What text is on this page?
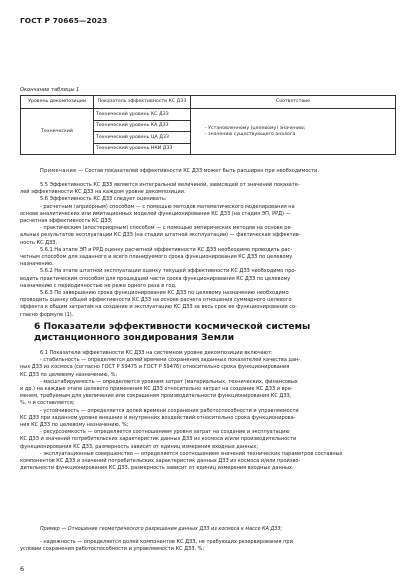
ГОСТ Р 70665—2023
Окончание таблицы 1
Уровень декомпозиции	Показатель эффективности КС ДЗЗ	Соответствие
Технический	Технический уровень КС ДЗЗ	- Установленному (целевому) значению;
- значению существующего аналога

	Технический уровень КА ДЗЗ	
	Технический уровень ЦА ДЗЗ	
	Технический уровень НКИ ДЗЗ	
Примечание — Состав показателей эффективности КС ДЗЗ может быть расширен при необходимости.
5.5 Эффективность КС ДЗЗ является интегральной величиной, зависящей от значений показате-
лей эффективности КС ДЗЗ на каждом уровне декомпозиции.
5.6 Эффективность КС ДЗЗ следует оценивать:
- расчетным (априорным) способом — с помощью методов математического моделирования на
основе аналитических или имитационных моделей функционирования КС ДЗЗ (на стадия ЭП, РРД) —
расчетная эффективность КС ДЗЗ;
- практическим (апостериорным) способом — с помощью эмпирических методов на основе ре-
альных результатов эксплуатации КС ДЗЗ (на стадии штатной эксплуатации) — фактическая эффектив-
ность КС ДЗЗ.
5.6.1 На этапе ЭП и РРД оценку расчетной эффективности КС ДЗЗ необходимо проводить рас-
четным способом для заданного и всего планируемого срока функционирования КС ДЗЗ по целевому
назначению.
5.6.2 На этапе штатной эксплуатации оценку текущей эффективности КС ДЗЗ необходимо про-
водить практическим способом для прошедшей части срока функционирования КС ДЗЗ по целевому
назначению с периодичностью не реже одного раза в год.
5.6.3 По завершению срока функционирования КС ДЗЗ по целевому назначению необходимо
проводить оценку общей эффективности КС ДЗЗ на основе расчета отношения суммарного целевого
эффекта к общим затратам на создание и эксплуатацию КС ДЗЗ за весь срок ее функционирования со-
гласно формуле (1).
6 Показатели эффективности космической системы
дистанционного зондирования Земли
6.1 Показатели эффективности КС ДЗЗ на системном уровне декомпозиции включают:
- стабильность — определяется долей времени сохранения заданных показателей качества дан-
ных ДЗЗ из космоса (согласно ГОСТ Р 59475 и ГОСТ Р 59476) относительно срока функционирования
КС ДЗЗ по целевому назначению, %;
- масштабируемость — определяется уровнем затрат (материальных, технических, финансовых
и др.) на каждые этапе целевого применения КС ДЗЗ относительно затрат на создание КС ДЗЗ и вре-
менем, требуемым для увеличения или сокращения производительности функционирования КС ДЗЗ,
%, ч и составляется;
- устойчивость — определяется долей времени сохранения работоспособности и управляемости
КС ДЗЗ при заданном уровне внешних и внутренних воздействий относительно срока функционирова-
ния КС ДЗЗ по целевому назначению, %;
- ресурсоемкость — определяется соотношением уровня затрат на создание и эксплуатацию
КС ДЗЗ и значений потребительских характеристик данных ДЗЗ из космоса и/или производительности
функционирования КС ДЗЗ, размерность зависит от единиц измерения входных данных;
- эксплуатационные совершенство — определяется соотношением значений технических параметров составных
компонентов КС ДЗЗ и значений потребительских характеристик данных ДЗЗ из космоса и/или произво-
дительности функционирования КС ДЗЗ, размерность зависит от единиц измерения входных данных.
Пример — Отношение геометрического разрешения данных ДЗЗ из космоса к массе КА ДЗЗ;
- надежность — определяется долей компонентов КС ДЗЗ, не требующих резервирования при
условии сохранения работоспособности и управляемости КС ДЗЗ, %;
6
